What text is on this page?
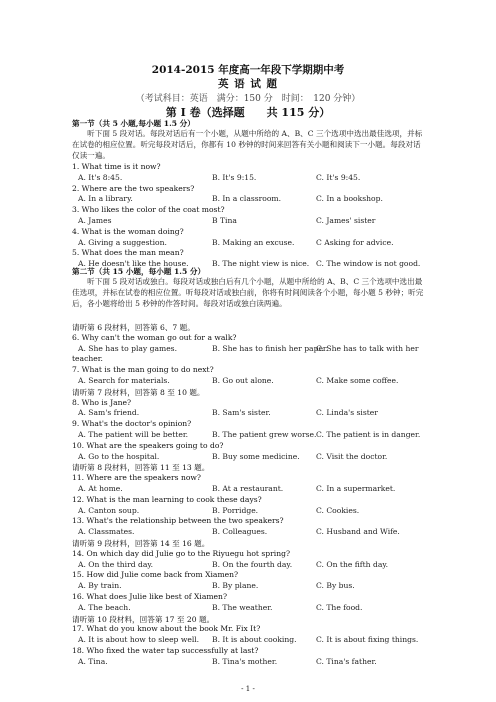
2014-2015 年度高一年段下学期期中考
英 语 试 题
（考试科目：英语　满分：150 分　时间：　120 分钟）
第 I 卷（选择题　　共 115 分）
第一节（共 5 小题,每小题 1.5 分）
　　听下面 5 段对话。每段对话后有一个小题，从题中所给的 A、B、C 三个选项中选出最佳选项，并标在试卷的相应位置。听完每段对话后，你都有 10 秒钟的时间来回答有关小题和阅读下一小题。每段对话仅读一遍。
1. What time is it now?
A. It's 8:45.	B. It's 9:15.	C. It's 9:45.
2. Where are the two speakers?
A. In a library.	B. In a classroom.	C. In a bookshop.
3. Who likes the color of the coat most?
A. James	B Tina	C. James' sister
4. What is the woman doing?
A. Giving a suggestion.	B. Making an excuse.	C Asking for advice.
5. What does the man mean?
A. He doesn't like the house.	B. The night view is nice. C. The window is not good.
第二节（共 15 小题，每小题 1.5 分）
　　听下面 5 段对话或独白。每段对话或独白后有几个小题，从题中所给的 A、B、C 三个选项中选出最佳选项，并标在试卷的相应位置。听每段对话或独白前，你将有时间阅读各个小题，每小题 5 秒钟；听完后，各小题将给出 5 秒钟的作答时间。每段对话或独白读两遍。
请听第 6 段材料，回答第 6、7 题。
6. Why can't the woman go out for a walk?
A. She has to play games.	B. She has to finish her paper.
C. She has to talk with her
teacher.
7. What is the man going to do next?
A. Search for materials.	B. Go out alone.	C. Make some coffee.
请听第 7 段材料，回答第 8 至 10 题。
8. Who is Jane?
A. Sam's friend.	B. Sam's sister.	C. Linda's sister
9. What's the doctor's opinion?
A. The patient will be better.	B. The patient grew worse. C. The patient is in danger.
10. What are the speakers going to do?
A. Go to the hospital.	B. Buy some medicine. C. Visit the doctor.
请听第 8 段材料，回答第 11 至 13 题。
11. Where are the speakers now?
A. At home.	B. At a restaurant.	C. In a supermarket.
12. What is the man learning to cook these days?
A. Canton soup.	B. Porridge.	C. Cookies.
13. What's the relationship between the two speakers?
A. Classmates.	B. Colleagues.	C. Husband and Wife.
请听第 9 段材料，回答第 14 至 16 题。
14. On which day did Julie go to the Riyuegu hot spring?
A. On the third day.	B. On the fourth day.	C. On the fifth day.
15. How did Julie come back from Xiamen?
A. By train.	B. By plane.	C. By bus.
16. What does Julie like best of Xiamen?
A. The beach.	B. The weather.	C. The food.
请听第 10 段材料，回答第 17 至 20 题。
17. What do you know about the book Mr. Fix It?
A. It is about how to sleep well. B. It is about cooking.	C. It is about fixing things.
18. Who fixed the water tap successfully at last?
A. Tina.	B. Tina's mother.	C. Tina's father.
- 1 -
